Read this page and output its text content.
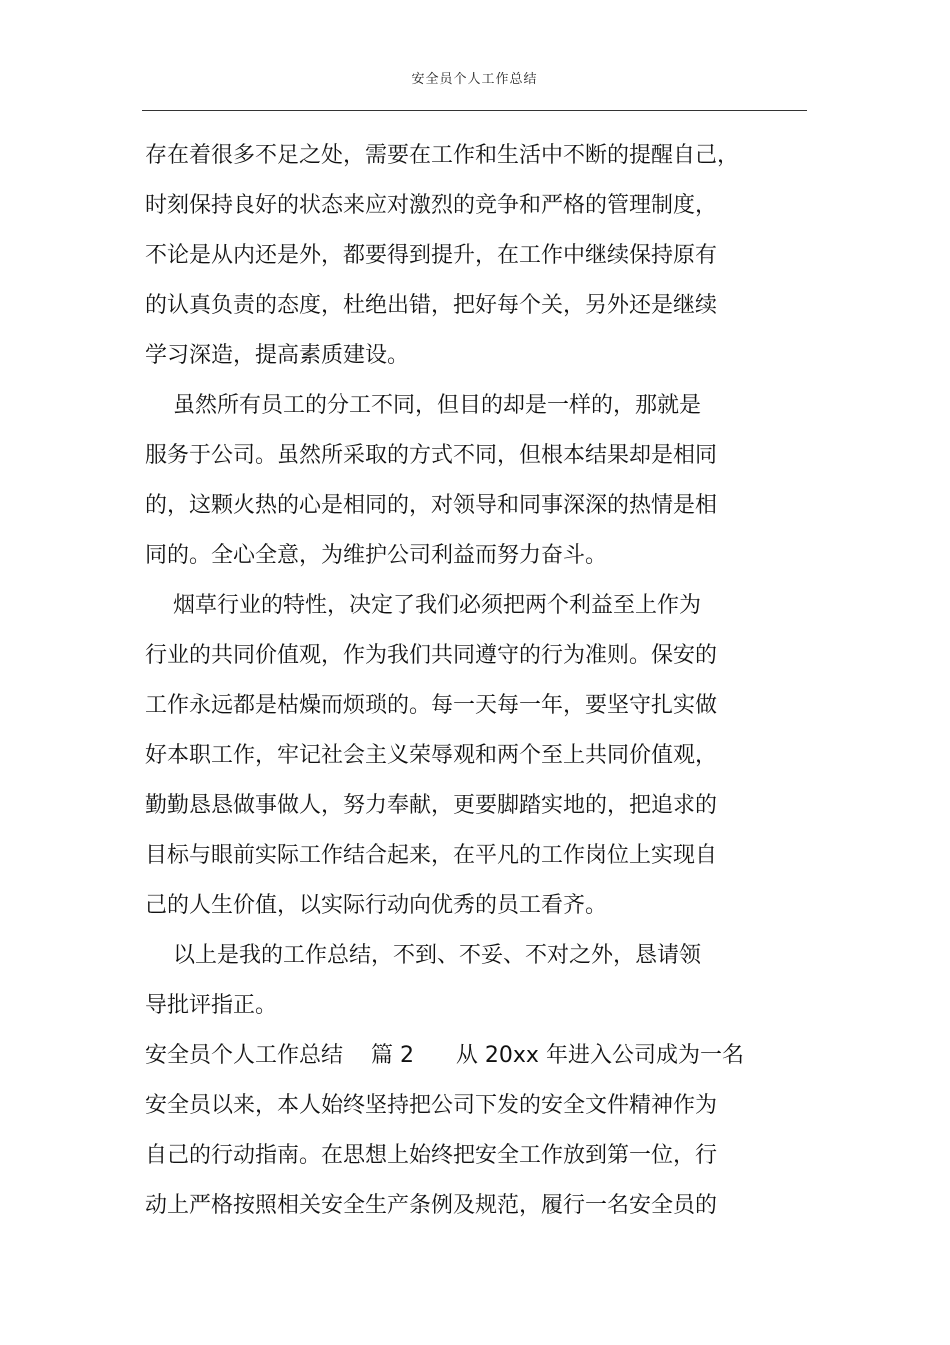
安全员个人工作总结
存在着很多不足之处，需要在工作和生活中不断的提醒自己，
时刻保持良好的状态来应对激烈的竞争和严格的管理制度，
不论是从内还是外，都要得到提升，在工作中继续保持原有
的认真负责的态度，杜绝出错，把好每个关，另外还是继续
学习深造，提高素质建设。
虽然所有员工的分工不同，但目的却是一样的，那就是
服务于公司。虽然所采取的方式不同，但根本结果却是相同
的，这颗火热的心是相同的，对领导和同事深深的热情是相
同的。全心全意，为维护公司利益而努力奋斗。
烟草行业的特性，决定了我们必须把两个利益至上作为
行业的共同价值观，作为我们共同遵守的行为准则。保安的
工作永远都是枯燥而烦琐的。每一天每一年，要坚守扎实做
好本职工作，牢记社会主义荣辱观和两个至上共同价值观，
勤勤恳恳做事做人，努力奉献，更要脚踏实地的，把追求的
目标与眼前实际工作结合起来，在平凡的工作岗位上实现自
己的人生价值，以实际行动向优秀的员工看齐。
以上是我的工作总结，不到、不妥、不对之外，恳请领
导批评指正。
安全员个人工作总结    篇 2      从 20xx 年进入公司成为一名
安全员以来，本人始终坚持把公司下发的安全文件精神作为
自己的行动指南。在思想上始终把安全工作放到第一位，行
动上严格按照相关安全生产条例及规范，履行一名安全员的
